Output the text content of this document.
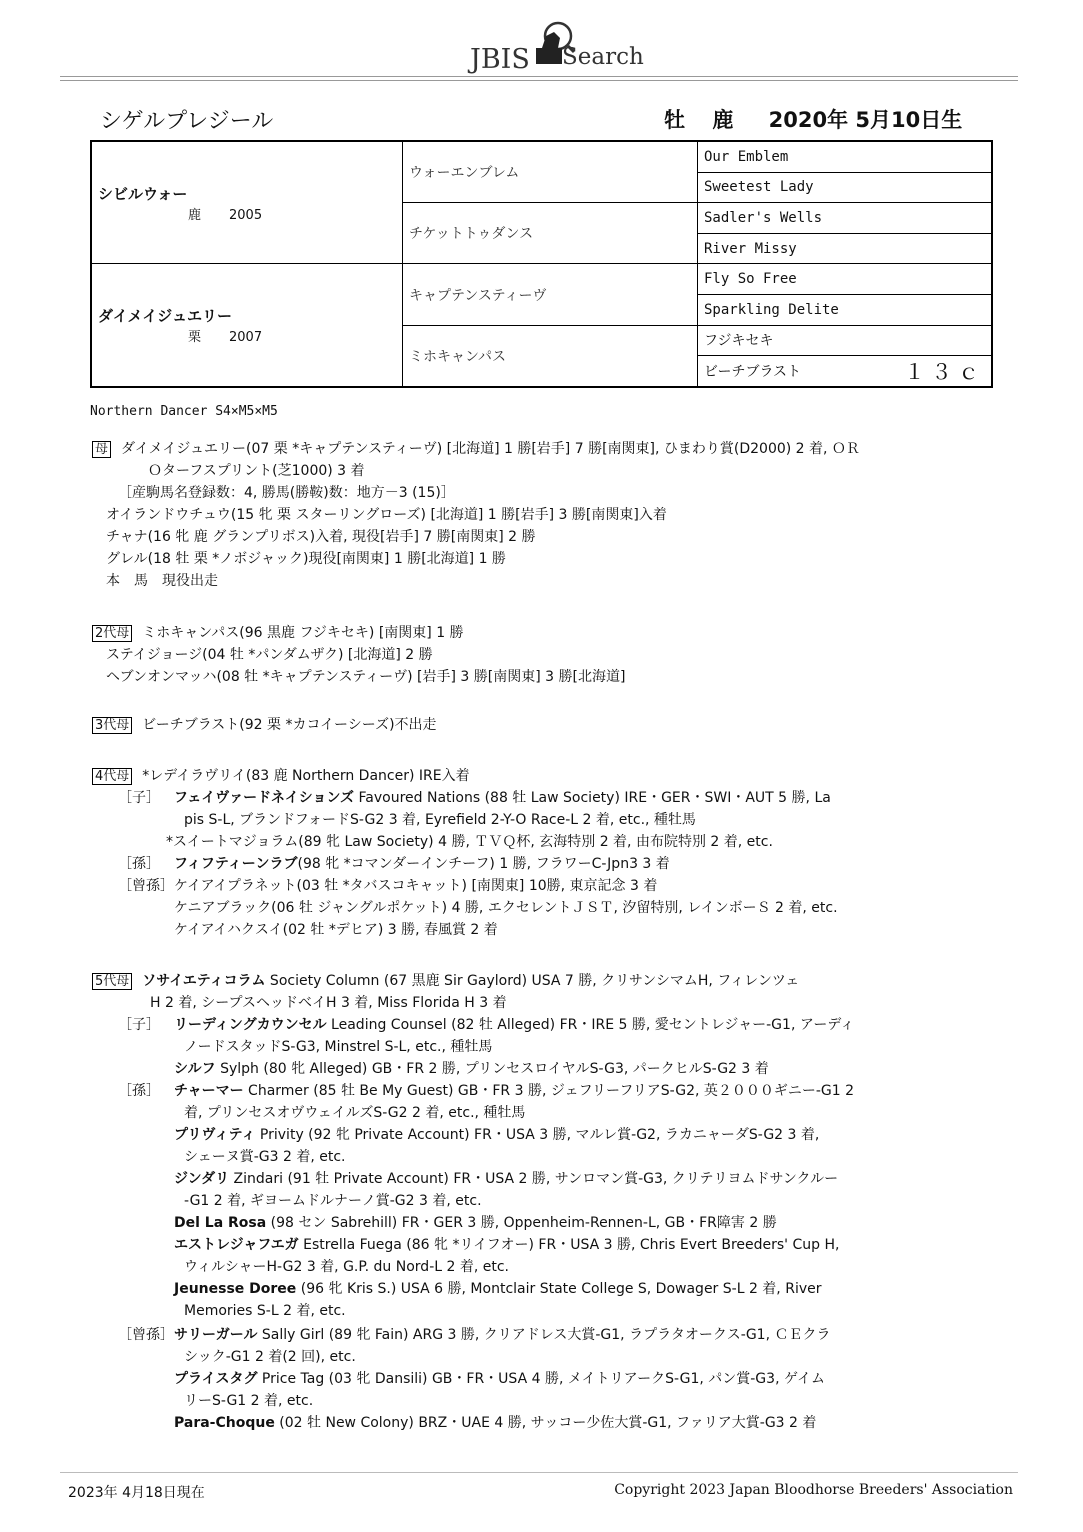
JBIS Search
シゲルプレジール	牡 鹿 2020年 5月10日生
シビルウォー
鹿 2005	ウォーエンブレム	Our Emblem
		Sweetest Lady
	チケットトゥダンス	Sadler's Wells
		River Missy

ダイメイジュエリー
栗 2007	キャプテンスティーヴ	Fly So Free
		Sparkling Delite
	ミホキャンパス	フジキセキ
		ビーチブラスト １３ｃ
Northern Dancer S4×M5×M5
母 ダイメイジュエリー(07 栗 *キャプテンスティーヴ) [北海道] 1 勝[岩手] 7 勝[南関東], ひまわり賞(D2000) 2 着, ＯＲ
Ｏターフスプリント(芝1000) 3 着
［産駒馬名登録数：4, 勝馬(勝鞍)数：地方－3 (15)］
オイランドウチュウ(15 牝 栗 スターリングローズ) [北海道] 1 勝[岩手] 3 勝[南関東]入着
チャナ(16 牝 鹿 グランプリボス)入着, 現役[岩手] 7 勝[南関東] 2 勝
グレル(18 牡 栗 *ノボジャック)現役[南関東] 1 勝[北海道] 1 勝
本　馬　現役出走
2代母 ミホキャンパス(96 黒鹿 フジキセキ) [南関東] 1 勝
ステイジョージ(04 牡 *パンダムザク) [北海道] 2 勝
ヘブンオンマッハ(08 牡 *キャプテンスティーヴ) [岩手] 3 勝[南関東] 3 勝[北海道]
3代母 ビーチブラスト(92 栗 *カコイーシーズ)不出走
4代母 *レデイラヴリイ(83 鹿 Northern Dancer) IRE入着
［子］ フェイヴァードネイションズ Favoured Nations (88 牡 Law Society) IRE・GER・SWI・AUT 5 勝, La
pis S-L, ブランドフォードS-G2 3 着, Eyrefield 2-Y-O Race-L 2 着, etc., 種牡馬
*スイートマジョラム(89 牝 Law Society) 4 勝, ＴＶＱ杯, 玄海特別 2 着, 由布院特別 2 着, etc.
［孫］ フィフティーンラブ(98 牝 *コマンダーインチーフ) 1 勝, フラワーC-Jpn3 3 着
［曾孫］ケイアイプラネット(03 牡 *タバスコキャット) [南関東] 10勝, 東京記念 3 着
ケニアブラック(06 牡 ジャングルポケット) 4 勝, エクセレントＪＳＴ, 汐留特別, レインボーＳ 2 着, etc.
ケイアイハクスイ(02 牡 *デヒア) 3 勝, 春風賞 2 着
5代母 ソサイエティコラム Society Column (67 黒鹿 Sir Gaylord) USA 7 勝, クリサンシマムH, フィレンツェ
H 2 着, シープスヘッドベイH 3 着, Miss Florida H 3 着
［子］ リーディングカウンセル Leading Counsel (82 牡 Alleged) FR・IRE 5 勝, 愛セントレジャー-G1, アーディ
ノードスタッドS-G3, Minstrel S-L, etc., 種牡馬
シルフ Sylph (80 牝 Alleged) GB・FR 2 勝, プリンセスロイヤルS-G3, パークヒルS-G2 3 着
［孫］ チャーマー Charmer (85 牡 Be My Guest) GB・FR 3 勝, ジェフリーフリアS-G2, 英２０００ギニー-G1 2
着, プリンセスオヴウェイルズS-G2 2 着, etc., 種牡馬
プリヴィティ Privity (92 牝 Private Account) FR・USA 3 勝, マルレ賞-G2, ラカニャーダS-G2 3 着,
シェーヌ賞-G3 2 着, etc.
ジンダリ Zindari (91 牡 Private Account) FR・USA 2 勝, サンロマン賞-G3, クリテリヨムドサンクルー
-G1 2 着, ギヨームドルナーノ賞-G2 3 着, etc.
Del La Rosa (98 セン Sabrehill) FR・GER 3 勝, Oppenheim-Rennen-L, GB・FR障害 2 勝
エストレジャフエガ Estrella Fuega (86 牝 *リイフオー) FR・USA 3 勝, Chris Evert Breeders' Cup H,
ウィルシャーH-G2 3 着, G.P. du Nord-L 2 着, etc.
Jeunesse Doree (96 牝 Kris S.) USA 6 勝, Montclair State College S, Dowager S-L 2 着, River
Memories S-L 2 着, etc.
［曾孫］サリーガール Sally Girl (89 牝 Fain) ARG 3 勝, クリアドレス大賞-G1, ラプラタオークス-G1, ＣＥクラ
シック-G1 2 着(2 回), etc.
プライスタグ Price Tag (03 牝 Dansili) GB・FR・USA 4 勝, メイトリアークS-G1, パン賞-G3, ゲイム
リーS-G1 2 着, etc.
Para-Choque (02 牡 New Colony) BRZ・UAE 4 勝, サッコー少佐大賞-G1, ファリア大賞-G3 2 着
2023年 4月18日現在	Copyright 2023 Japan Bloodhorse Breeders' Association
